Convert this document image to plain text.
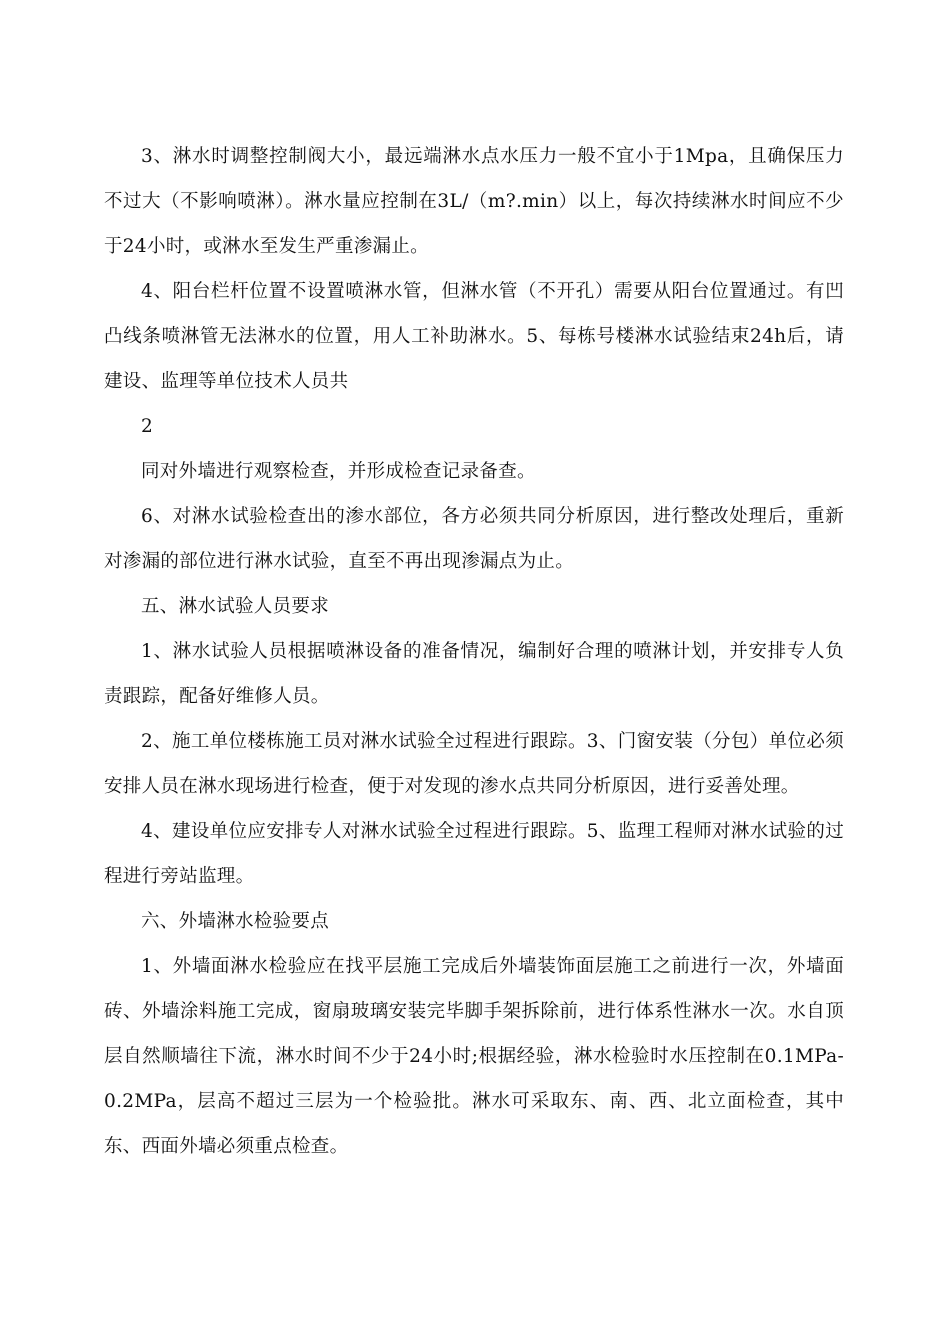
3、淋水时调整控制阀大小，最远端淋水点水压力一般不宜小于1Mpa，且确保压力不过大（不影响喷淋）。淋水量应控制在3L/（m?.min）以上，每次持续淋水时间应不少于24小时，或淋水至发生严重渗漏止。

4、阳台栏杆位置不设置喷淋水管，但淋水管（不开孔）需要从阳台位置通过。有凹凸线条喷淋管无法淋水的位置，用人工补助淋水。5、每栋号楼淋水试验结束24h后，请建设、监理等单位技术人员共

2

同对外墙进行观察检查，并形成检查记录备查。

6、对淋水试验检查出的渗水部位，各方必须共同分析原因，进行整改处理后，重新对渗漏的部位进行淋水试验，直至不再出现渗漏点为止。

五、淋水试验人员要求

1、淋水试验人员根据喷淋设备的准备情况，编制好合理的喷淋计划，并安排专人负责跟踪，配备好维修人员。

2、施工单位楼栋施工员对淋水试验全过程进行跟踪。3、门窗安装（分包）单位必须安排人员在淋水现场进行检查，便于对发现的渗水点共同分析原因，进行妥善处理。

4、建设单位应安排专人对淋水试验全过程进行跟踪。5、监理工程师对淋水试验的过程进行旁站监理。

六、外墙淋水检验要点

1、外墙面淋水检验应在找平层施工完成后外墙装饰面层施工之前进行一次，外墙面砖、外墙涂料施工完成，窗扇玻璃安装完毕脚手架拆除前，进行体系性淋水一次。水自顶层自然顺墙往下流，淋水时间不少于24小时;根据经验，淋水检验时水压控制在0.1MPa-0.2MPa，层高不超过三层为一个检验批。淋水可采取东、南、西、北立面检查，其中东、西面外墙必须重点检查。
